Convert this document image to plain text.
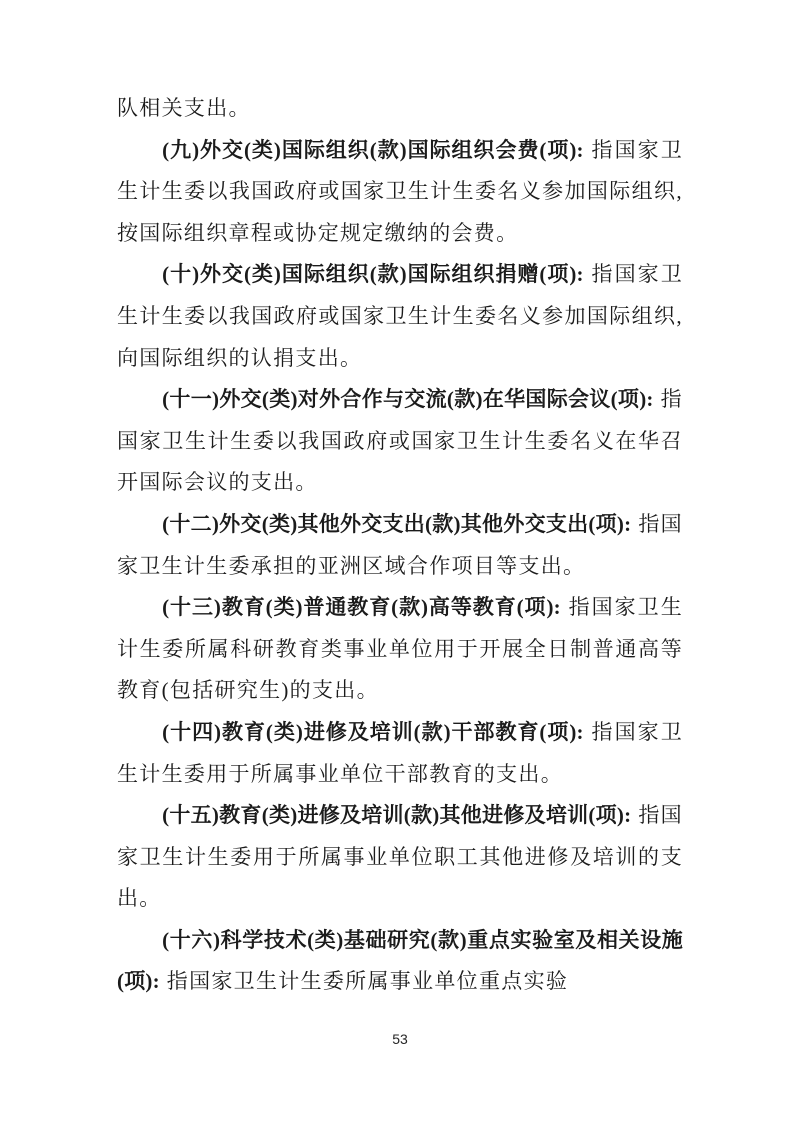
队相关支出。

(九)外交(类)国际组织(款)国际组织会费(项): 指国家卫生计生委以我国政府或国家卫生计生委名义参加国际组织,按国际组织章程或协定规定缴纳的会费。

(十)外交(类)国际组织(款)国际组织捐赠(项): 指国家卫生计生委以我国政府或国家卫生计生委名义参加国际组织,向国际组织的认捐支出。

(十一)外交(类)对外合作与交流(款)在华国际会议(项): 指国家卫生计生委以我国政府或国家卫生计生委名义在华召开国际会议的支出。

(十二)外交(类)其他外交支出(款)其他外交支出(项): 指国家卫生计生委承担的亚洲区域合作项目等支出。

(十三)教育(类)普通教育(款)高等教育(项): 指国家卫生计生委所属科研教育类事业单位用于开展全日制普通高等教育(包括研究生)的支出。

(十四)教育(类)进修及培训(款)干部教育(项): 指国家卫生计生委用于所属事业单位干部教育的支出。

(十五)教育(类)进修及培训(款)其他进修及培训(项): 指国家卫生计生委用于所属事业单位职工其他进修及培训的支出。

(十六)科学技术(类)基础研究(款)重点实验室及相关设施(项): 指国家卫生计生委所属事业单位重点实验

53
